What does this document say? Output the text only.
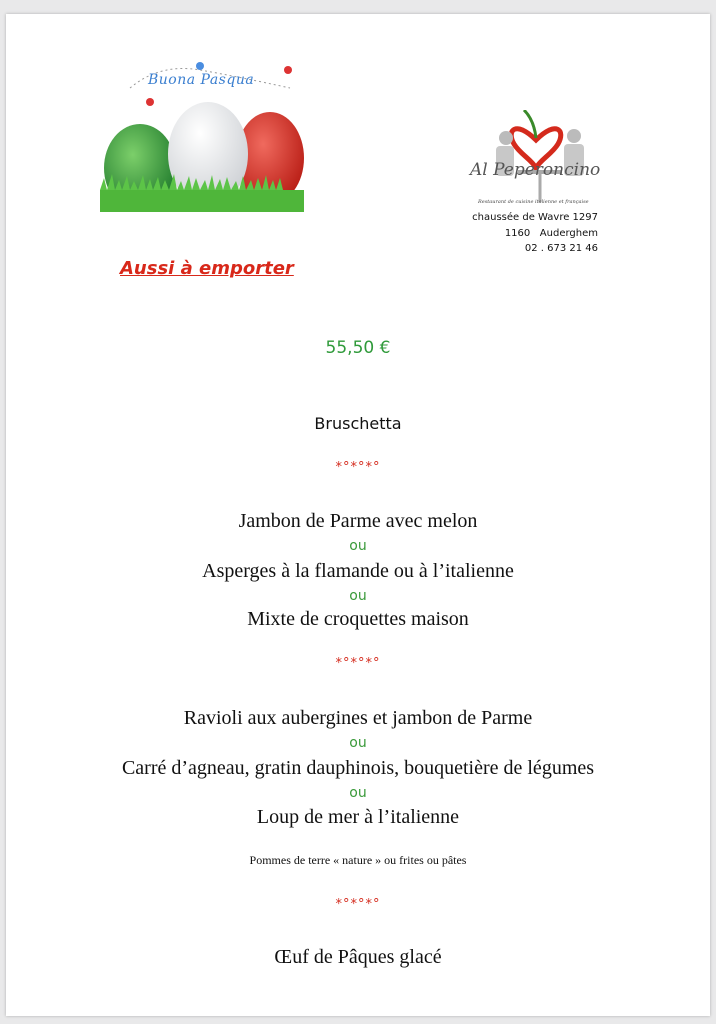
Buona Pasqua
Al Peperoncino
Restaurant de cuisine italienne et française
chaussée de Wavre 1297
1160   Auderghem
02 . 673 21 46
Aussi à emporter
55,50 €
Bruschetta
*°*°*°
Jambon de Parme avec melon
ou
Asperges à la flamande ou à l’italienne
ou
Mixte de croquettes maison
*°*°*°
Ravioli aux aubergines et jambon de Parme
ou
Carré d’agneau, gratin dauphinois, bouquetière de légumes
ou
Loup de mer à l’italienne
Pommes de terre « nature » ou frites ou pâtes
*°*°*°
Œuf de Pâques glacé
